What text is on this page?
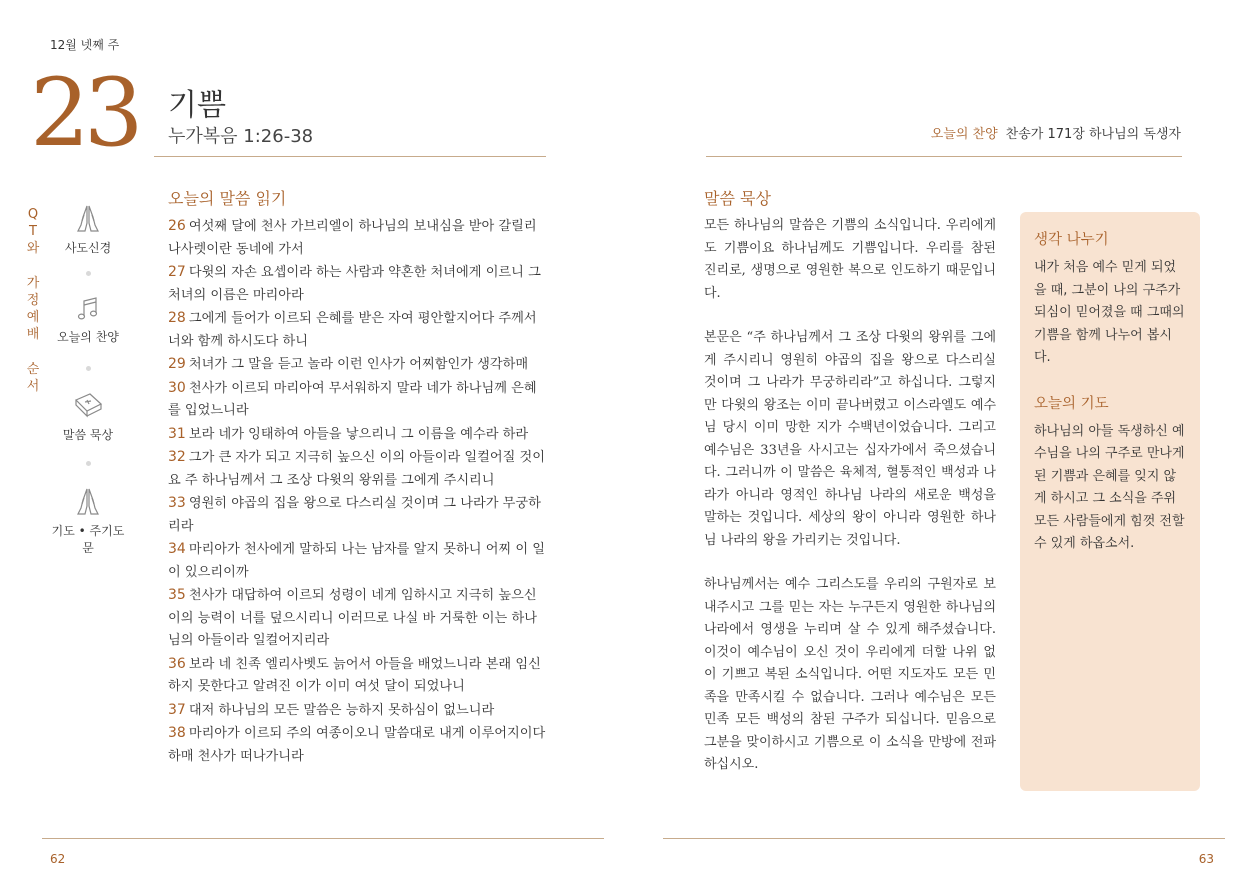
12월 넷째 주
23 기쁨
누가복음 1:26-38	오늘의 찬양 찬송가 171장 하나님의 독생자
Q
T
와
가
정
예
배
순
서
사도신경
오늘의 찬양
말씀 묵상
기도 • 주기도문
오늘의 말씀 읽기

26 여섯째 달에 천사 가브리엘이 하나님의 보내심을 받아 갈릴리 나사렛이란 동네에 가서

27 다윗의 자손 요셉이라 하는 사람과 약혼한 처녀에게 이르니 그 처녀의 이름은 마리아라

28 그에게 들어가 이르되 은혜를 받은 자여 평안할지어다 주께서 너와 함께 하시도다 하니

29 처녀가 그 말을 듣고 놀라 이런 인사가 어찌함인가 생각하매

30 천사가 이르되 마리아여 무서워하지 말라 네가 하나님께 은혜를 입었느니라

31 보라 네가 잉태하여 아들을 낳으리니 그 이름을 예수라 하라

32 그가 큰 자가 되고 지극히 높으신 이의 아들이라 일컬어질 것이요 주 하나님께서 그 조상 다윗의 왕위를 그에게 주시리니

33 영원히 야곱의 집을 왕으로 다스리실 것이며 그 나라가 무궁하리라

34 마리아가 천사에게 말하되 나는 남자를 알지 못하니 어찌 이 일이 있으리이까

35 천사가 대답하여 이르되 성령이 네게 임하시고 지극히 높으신 이의 능력이 너를 덮으시리니 이러므로 나실 바 거룩한 이는 하나님의 아들이라 일컬어지리라

36 보라 네 친족 엘리사벳도 늙어서 아들을 배었느니라 본래 임신하지 못한다고 알려진 이가 이미 여섯 달이 되었나니

37 대저 하나님의 모든 말씀은 능하지 못하심이 없느니라

38 마리아가 이르되 주의 여종이오니 말씀대로 내게 이루어지이다 하매 천사가 떠나가니라

말씀 묵상

모든 하나님의 말씀은 기쁨의 소식입니다. 우리에게도 기쁨이요 하나님께도 기쁨입니다. 우리를 참된 진리로, 생명으로 영원한 복으로 인도하기 때문입니다.

본문은 “주 하나님께서 그 조상 다윗의 왕위를 그에게 주시리니 영원히 야곱의 집을 왕으로 다스리실 것이며 그 나라가 무궁하리라”고 하십니다. 그렇지만 다윗의 왕조는 이미 끝나버렸고 이스라엘도 예수님 당시 이미 망한 지가 수백년이었습니다. 그리고 예수님은 33년을 사시고는 십자가에서 죽으셨습니다. 그러니까 이 말씀은 육체적, 혈통적인 백성과 나라가 아니라 영적인 하나님 나라의 새로운 백성을 말하는 것입니다. 세상의 왕이 아니라 영원한 하나님 나라의 왕을 가리키는 것입니다.

하나님께서는 예수 그리스도를 우리의 구원자로 보내주시고 그를 믿는 자는 누구든지 영원한 하나님의 나라에서 영생을 누리며 살 수 있게 해주셨습니다. 이것이 예수님이 오신 것이 우리에게 더할 나위 없이 기쁘고 복된 소식입니다. 어떤 지도자도 모든 민족을 만족시킬 수 없습니다. 그러나 예수님은 모든 민족 모든 백성의 참된 구주가 되십니다. 믿음으로 그분을 맞이하시고 기쁨으로 이 소식을 만방에 전파하십시오.

생각 나누기
내가 처음 예수 믿게 되었을 때, 그분이 나의 구주가 되심이 믿어졌을 때 그때의 기쁨을 함께 나누어 봅시다.
오늘의 기도
하나님의 아들 독생하신 예수님을 나의 구주로 만나게 된 기쁨과 은혜를 잊지 않게 하시고 그 소식을 주위 모든 사람들에게 힘껏 전할 수 있게 하옵소서.
62	63
